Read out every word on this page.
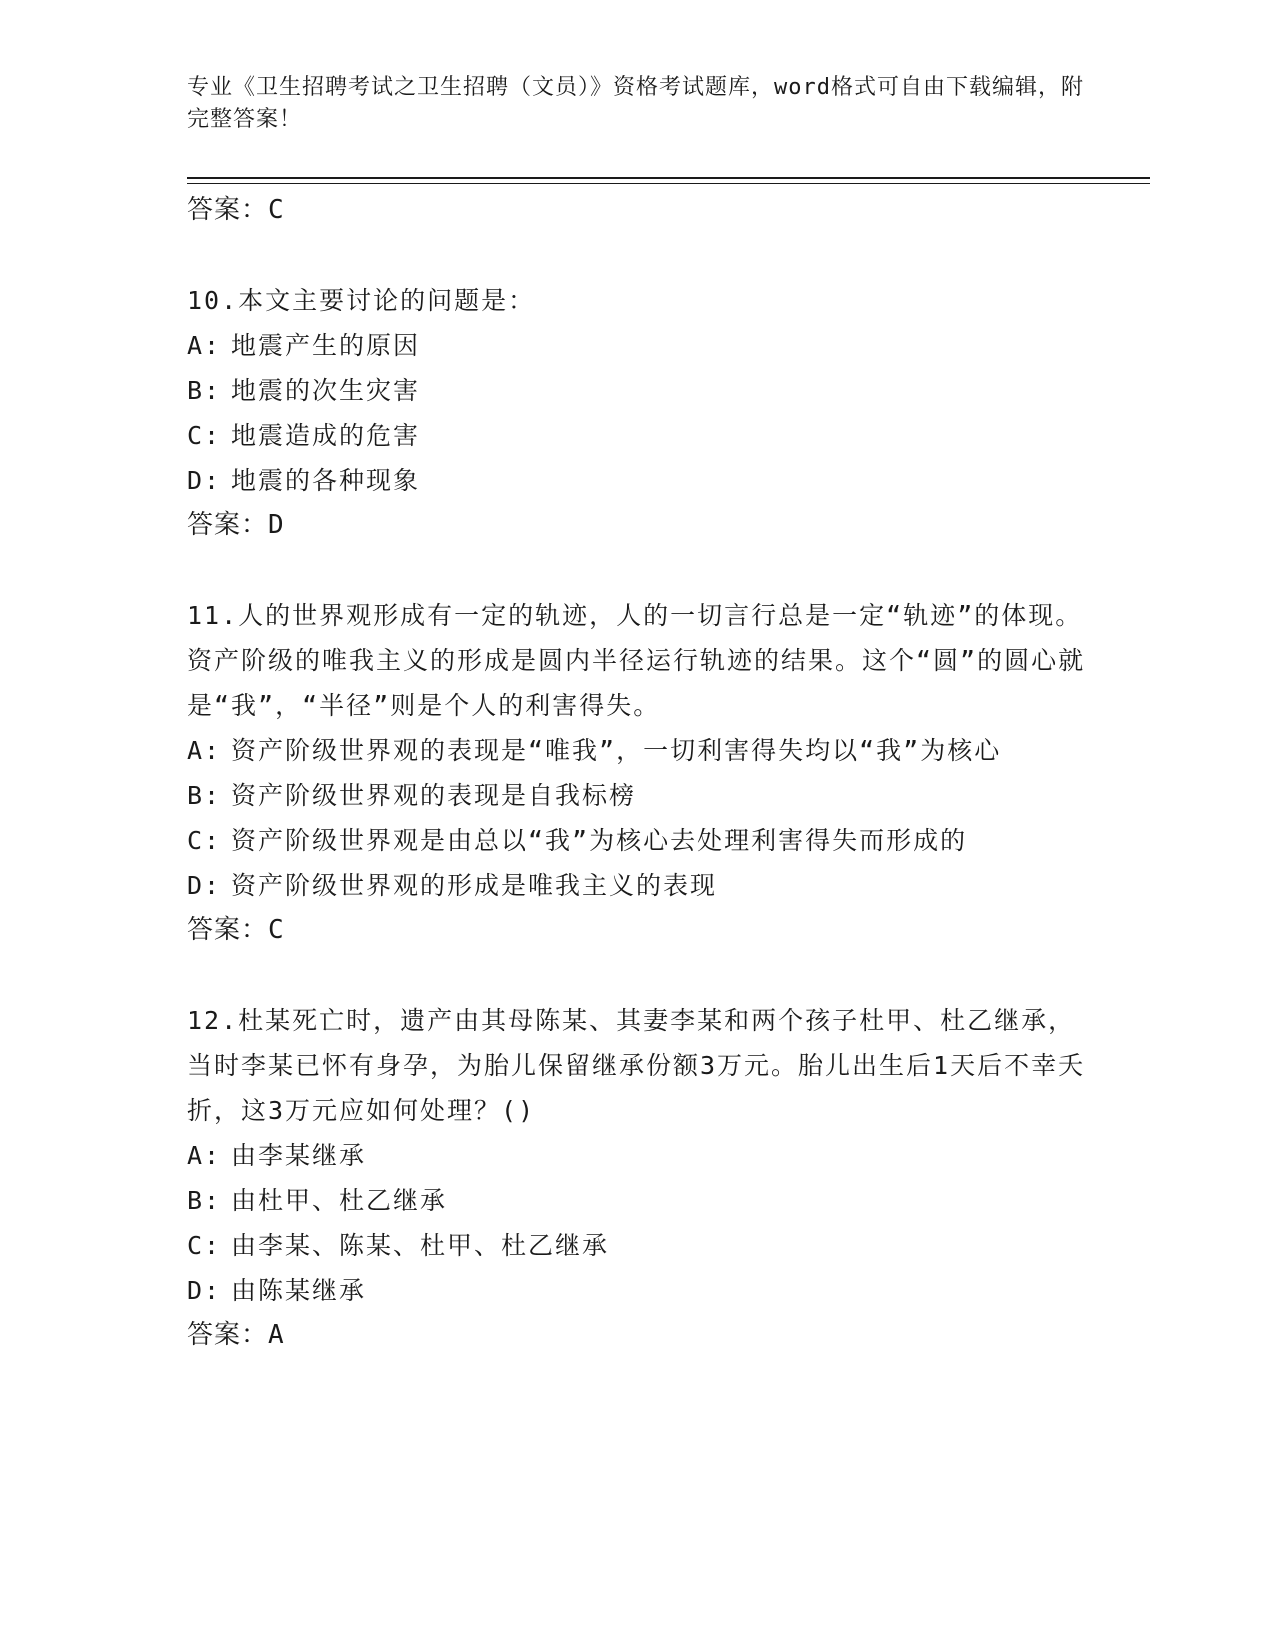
专业《卫生招聘考试之卫生招聘（文员）》资格考试题库，word格式可自由下载编辑，附完整答案！
答案：C
10.本文主要讨论的问题是：
A: 地震产生的原因
B: 地震的次生灾害
C: 地震造成的危害
D: 地震的各种现象
答案：D
11.人的世界观形成有一定的轨迹，人的一切言行总是一定“轨迹”的体现。资产阶级的唯我主义的形成是圆内半径运行轨迹的结果。这个“圆”的圆心就是“我”，“半径”则是个人的利害得失。
A: 资产阶级世界观的表现是“唯我”，一切利害得失均以“我”为核心
B: 资产阶级世界观的表现是自我标榜
C: 资产阶级世界观是由总以“我”为核心去处理利害得失而形成的
D: 资产阶级世界观的形成是唯我主义的表现
答案：C
12.杜某死亡时，遗产由其母陈某、其妻李某和两个孩子杜甲、杜乙继承，当时李某已怀有身孕，为胎儿保留继承份额3万元。胎儿出生后1天后不幸夭折，这3万元应如何处理？()
A: 由李某继承
B: 由杜甲、杜乙继承
C: 由李某、陈某、杜甲、杜乙继承
D: 由陈某继承
答案：A
